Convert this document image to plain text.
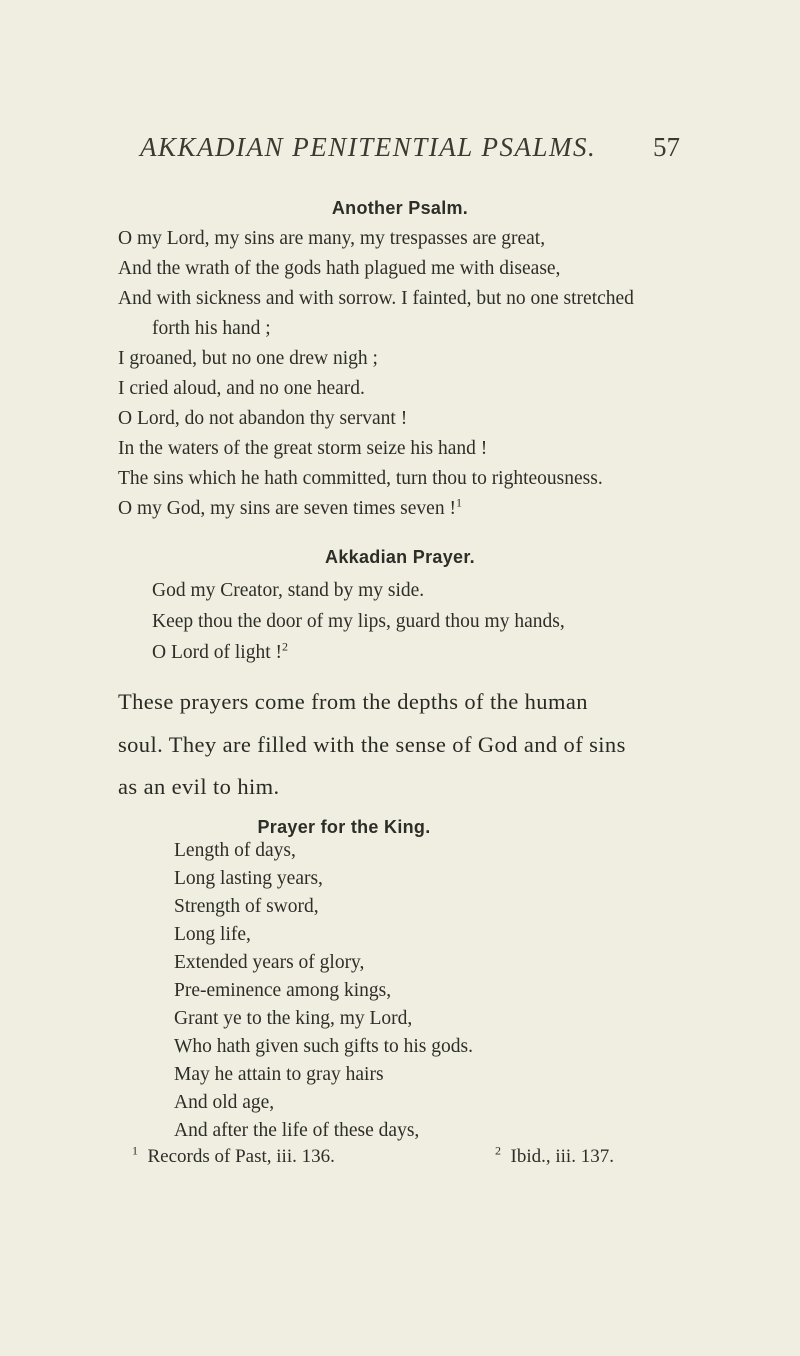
AKKADIAN PENITENTIAL PSALMS. 57
Another Psalm.
O my Lord, my sins are many, my trespasses are great,
And the wrath of the gods hath plagued me with disease,
And with sickness and with sorrow. I fainted, but no one stretched
forth his hand ;
I groaned, but no one drew nigh ;
I cried aloud, and no one heard.
O Lord, do not abandon thy servant !
In the waters of the great storm seize his hand !
The sins which he hath committed, turn thou to righteousness.
O my God, my sins are seven times seven !$^1$
Akkadian Prayer.
God my Creator, stand by my side.
Keep thou the door of my lips, guard thou my hands,
O Lord of light !$^2$
These prayers come from the depths of the human
soul. They are filled with the sense of God and of sins
as an evil to him.
Prayer for the King.
Length of days,
Long lasting years,
Strength of sword,
Long life,
Extended years of glory,
Pre-eminence among kings,
Grant ye to the king, my Lord,
Who hath given such gifts to his gods.
May he attain to gray hairs
And old age,
$^1$ Records of Past, iii. 136.	$^2$ Ibid., iii. 137.
And after the life of these days,
